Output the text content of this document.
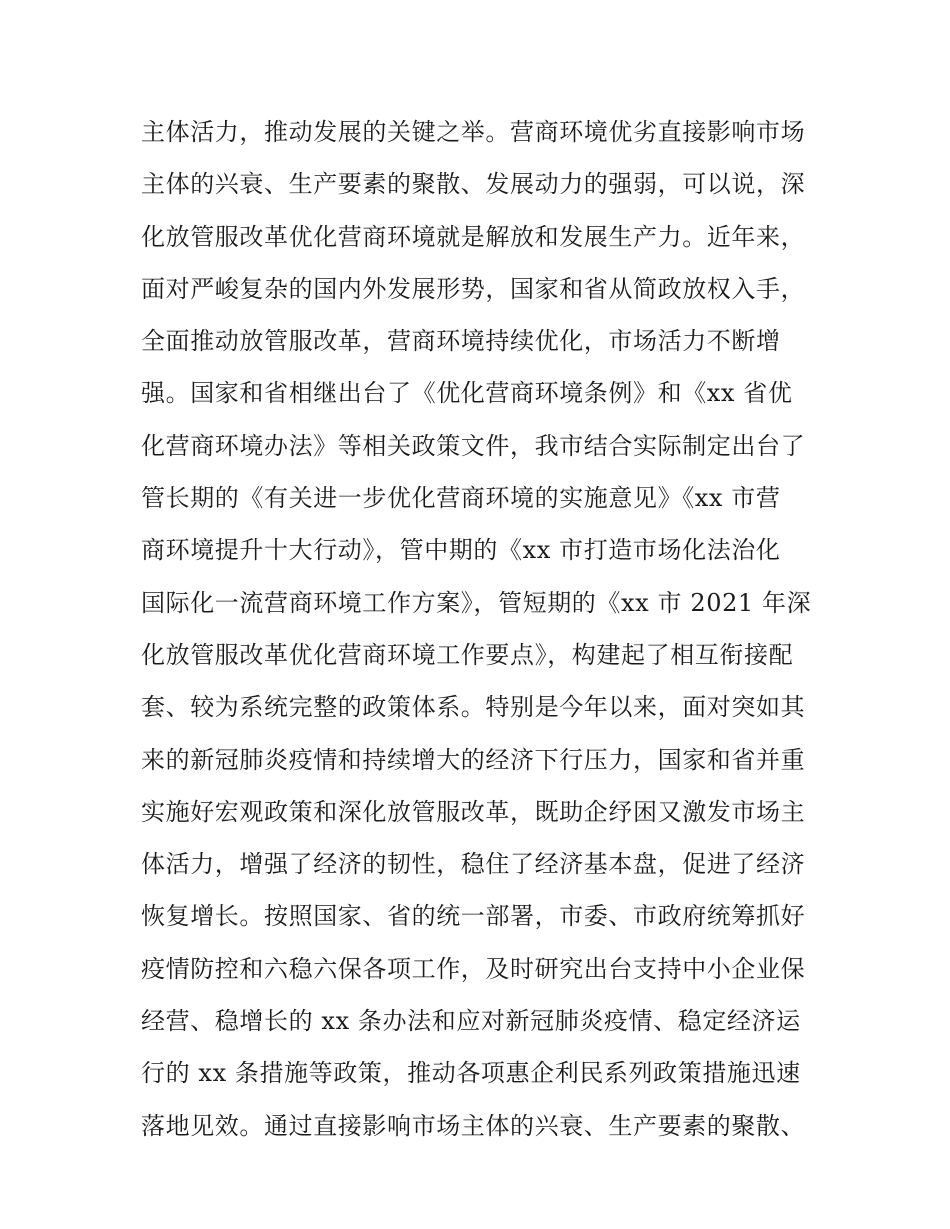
主体活力，推动发展的关键之举。营商环境优劣直接影响市场
主体的兴衰、生产要素的聚散、发展动力的强弱，可以说，深
化放管服改革优化营商环境就是解放和发展生产力。近年来，
面对严峻复杂的国内外发展形势，国家和省从简政放权入手，
全面推动放管服改革，营商环境持续优化，市场活力不断增
强。国家和省相继出台了《优化营商环境条例》和《xx 省优
化营商环境办法》等相关政策文件，我市结合实际制定出台了
管长期的《有关进一步优化营商环境的实施意见》《xx 市营
商环境提升十大行动》，管中期的《xx 市打造市场化法治化
国际化一流营商环境工作方案》，管短期的《xx 市 2021 年深
化放管服改革优化营商环境工作要点》，构建起了相互衔接配
套、较为系统完整的政策体系。特别是今年以来，面对突如其
来的新冠肺炎疫情和持续增大的经济下行压力，国家和省并重
实施好宏观政策和深化放管服改革，既助企纾困又激发市场主
体活力，增强了经济的韧性，稳住了经济基本盘，促进了经济
恢复增长。按照国家、省的统一部署，市委、市政府统筹抓好
疫情防控和六稳六保各项工作，及时研究出台支持中小企业保
经营、稳增长的 xx 条办法和应对新冠肺炎疫情、稳定经济运
行的 xx 条措施等政策，推动各项惠企利民系列政策措施迅速
落地见效。通过直接影响市场主体的兴衰、生产要素的聚散、
